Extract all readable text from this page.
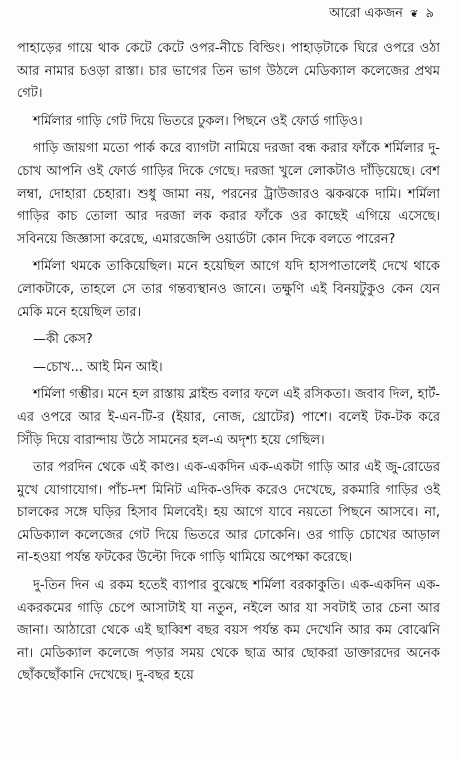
আরো একজন ❦ ৯

পাহাড়ের গায়ে থাক কেটে কেটে ওপর-নীচে বিল্ডিং। পাহাড়টাকে ঘিরে ওপরে ওঠা আর নামার চওড়া রাস্তা। চার ভাগের তিন ভাগ উঠলে মেডিক্যাল কলেজের প্রথম গেট।

শর্মিলার গাড়ি গেট দিয়ে ভিতরে ঢুকল। পিছনে ওই ফোর্ড গাড়িও।

গাড়ি জায়গা মতো পার্ক করে ব্যাগটা নামিয়ে দরজা বন্ধ করার ফাঁকে শর্মিলার দু-চোখ আপনি ওই ফোর্ড গাড়ির দিকে গেছে। দরজা খুলে লোকটাও দাঁড়িয়েছে। বেশ লম্বা, দোহারা চেহারা। শুধু জামা নয়, পরনের ট্রাউজারও ঝকঝকে দামি। শর্মিলা গাড়ির কাচ তোলা আর দরজা লক করার ফাঁকে ওর কাছেই এগিয়ে এসেছে। সবিনয়ে জিজ্ঞাসা করেছে, এমারজেন্সি ওয়ার্ডটা কোন দিকে বলতে পারেন?

শর্মিলা থমকে তাকিয়েছিল। মনে হয়েছিল আগে যদি হাসপাতালেই দেখে থাকে লোকটাকে, তাহলে সে তার গন্তব্যস্থানও জানে। তক্ষুণি এই বিনয়টুকুও কেন যেন মেকি মনে হয়েছিল তার।

—কী কেস?

—চোখ... আই মিন আই।

শর্মিলা গম্ভীর। মনে হল রাস্তায় ব্লাইন্ড বলার ফলে এই রসিকতা। জবাব দিল, হার্ট-এর ওপরে আর ই-এন-টি-র (ইয়ার, নোজ, থ্রোটের) পাশে। বলেই টক-টক করে সিঁড়ি দিয়ে বারান্দায় উঠে সামনের হল-এ অদৃশ্য হয়ে গেছিল।

তার পরদিন থেকে এই কাণ্ড। এক-একদিন এক-একটা গাড়ি আর এই জু-রোডের মুখে যোগাযোগ। পাঁচ-দশ মিনিট এদিক-ওদিক করেও দেখেছে, রকমারি গাড়ির ওই চালকের সঙ্গে ঘড়ির হিসাব মিলবেই। হয় আগে যাবে নয়তো পিছনে আসবে। না, মেডিক্যাল কলেজের গেট দিয়ে ভিতরে আর ঢোকেনি। ওর গাড়ি চোখের আড়াল না-হওয়া পর্যন্ত ফটকের উল্টো দিকে গাড়ি থামিয়ে অপেক্ষা করেছে।

দু-তিন দিন এ রকম হতেই ব্যাপার বুঝেছে শর্মিলা বরকাকুতি। এক-একদিন এক-একরকমের গাড়ি চেপে আসাটাই যা নতুন, নইলে আর যা সবটাই তার চেনা আর জানা। আঠারো থেকে এই ছাব্বিশ বছর বয়স পর্যন্ত কম দেখেনি আর কম বোঝেনি না। মেডিক্যাল কলেজে পড়ার সময় থেকে ছাত্র আর ছোকরা ডাক্তারদের অনেক ছোঁকছোঁকানি দেখেছে। দু-বছর হয়ে
